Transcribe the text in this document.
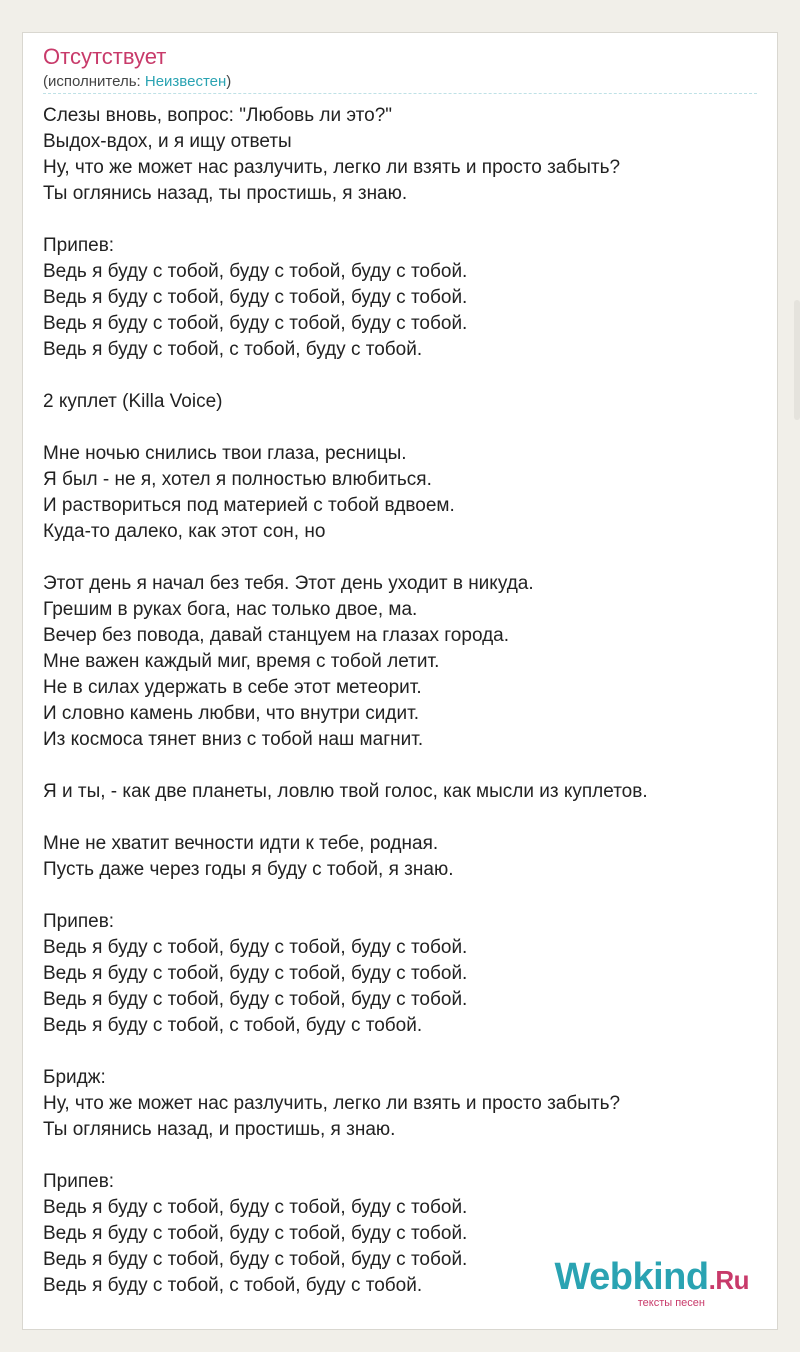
Отсутствует
(исполнитель: Неизвестен)
Слезы вновь, вопрос: "Любовь ли это?"
Выдох-вдох, и я ищу ответы
Ну, что же может нас разлучить, легко ли взять и просто забыть?
Ты оглянись назад, ты простишь, я знаю.
Припев:
Ведь я буду с тобой, буду с тобой, буду с тобой.
Ведь я буду с тобой, буду с тобой, буду с тобой.
Ведь я буду с тобой, буду с тобой, буду с тобой.
Ведь я буду с тобой, с тобой, буду с тобой.
2 куплет (Killa Voice)
Мне ночью снились твои глаза, ресницы.
Я был - не я, хотел я полностью влюбиться.
И раствориться под материей с тобой вдвоем.
Куда-то далеко, как этот сон, но
Этот день я начал без тебя. Этот день уходит в никуда.
Грешим в руках бога, нас только двое, ма.
Вечер без повода, давай станцуем на глазах города.
Мне важен каждый миг, время с тобой летит.
Не в силах удержать в себе этот метеорит.
И словно камень любви, что внутри сидит.
Из космоса тянет вниз с тобой наш магнит.
Я и ты, - как две планеты, ловлю твой голос, как мысли из куплетов.
Мне не хватит вечности идти к тебе, родная.
Пусть даже через годы я буду с тобой, я знаю.
Припев:
Ведь я буду с тобой, буду с тобой, буду с тобой.
Ведь я буду с тобой, буду с тобой, буду с тобой.
Ведь я буду с тобой, буду с тобой, буду с тобой.
Ведь я буду с тобой, с тобой, буду с тобой.
Бридж:
Ну, что же может нас разлучить, легко ли взять и просто забыть?
Ты оглянись назад, и простишь, я знаю.
Припев:
Ведь я буду с тобой, буду с тобой, буду с тобой.
Ведь я буду с тобой, буду с тобой, буду с тобой.
Ведь я буду с тобой, буду с тобой, буду с тобой.
Ведь я буду с тобой, с тобой, буду с тобой.	Webkind.Ru
тексты песен
